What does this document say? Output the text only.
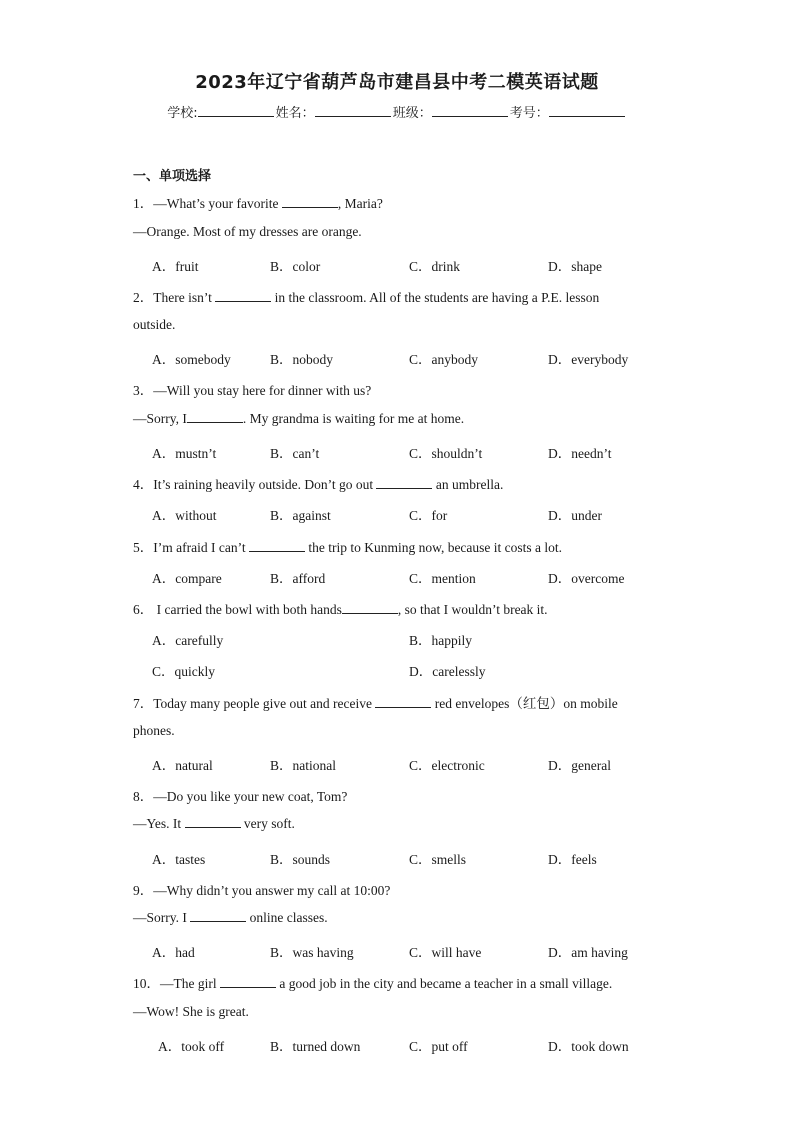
2023年辽宁省葫芦岛市建昌县中考二模英语试题
学校:	姓名：	班级：	考号：
一、单项选择
1．—What’s your favorite	, Maria?
—Orange. Most of my dresses are orange.
A．fruit	B．color	C．drink	D．shape
2．There isn’t	in the classroom. All of the students are having a P.E. lesson
outside.
A．somebody	B．nobody	C．anybody	D．everybody
3．—Will you stay here for dinner with us?
—Sorry, I	. My grandma is waiting for me at home.
A．mustn’t	B．can’t	C．shouldn’t	D．needn’t
4．It’s raining heavily outside. Don’t go out	an umbrella.
A．without	B．against	C．for	D．under
5．I’m afraid I can’t	the trip to Kunming now, because it costs a lot.
A．compare	B．afford	C．mention	D．overcome
6． I carried the bowl with both hands	, so that I wouldn’t break it.
A．carefully	B．happily
C．quickly	D．carelessly
7．Today many people give out and receive	red envelopes（红包）on mobile
phones.
A．natural	B．national	C．electronic	D．general
8．—Do you like your new coat, Tom?
—Yes. It	very soft.
A．tastes	B．sounds	C．smells	D．feels
9．—Why didn’t you answer my call at 10:00?
—Sorry. I	online classes.
A．had	B．was having	C．will have	D．am having
10．—The girl	a good job in the city and became a teacher in a small village.
—Wow! She is great.
A．took off	B．turned down	C．put off	D．took down
